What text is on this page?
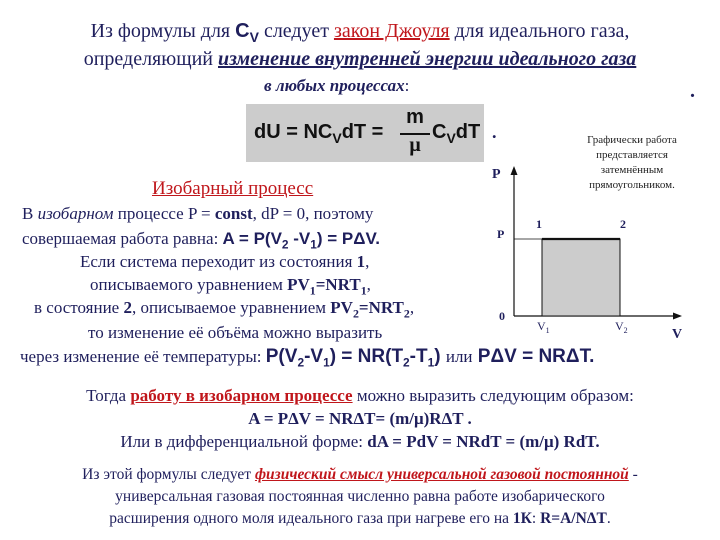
Из формулы для $C_V$ следует закон Джоуля для идеального газа,
определяющий изменение внутренней энергии идеального газа
в любых процессах:	.
dU = $NC_VdT$ =
m
μ
$C_VdT$ .	Графически работа
представляется
затемнённым
прямоугольником.
Изобарный процесс
P
P
0
V
$V_1$	$V_2$
1	2
В изобарном процессе P = const, dP = 0, поэтому
совершаемая работа равна: $A = P(V_2$ $-V_1) = P\Delta V$.
Если система переходит из состояния 1,
описываемого уравнением $PV_1=NRT_1$,
в состояние 2, описываемое уравнением $PV_2=NRT_2$,
то изменение её объёма можно выразить
через изменение её температуры: $P(V_2-V_1) = NR(T_2-T_1)$ или PΔV = NRΔT.
Тогда работу в изобарном процессе можно выразить следующим образом:
A = PΔV = NRΔT= (m/μ)RΔT .
Или в дифференциальной форме: dA = PdV = NRdT = (m/μ) RdT.
Из этой формулы следует физический смысл универсальной газовой постоянной -
универсальная газовая постоянная численно равна работе изобарического
расширения одного моля идеального газа при нагреве его на 1К: R=A/NΔT.
